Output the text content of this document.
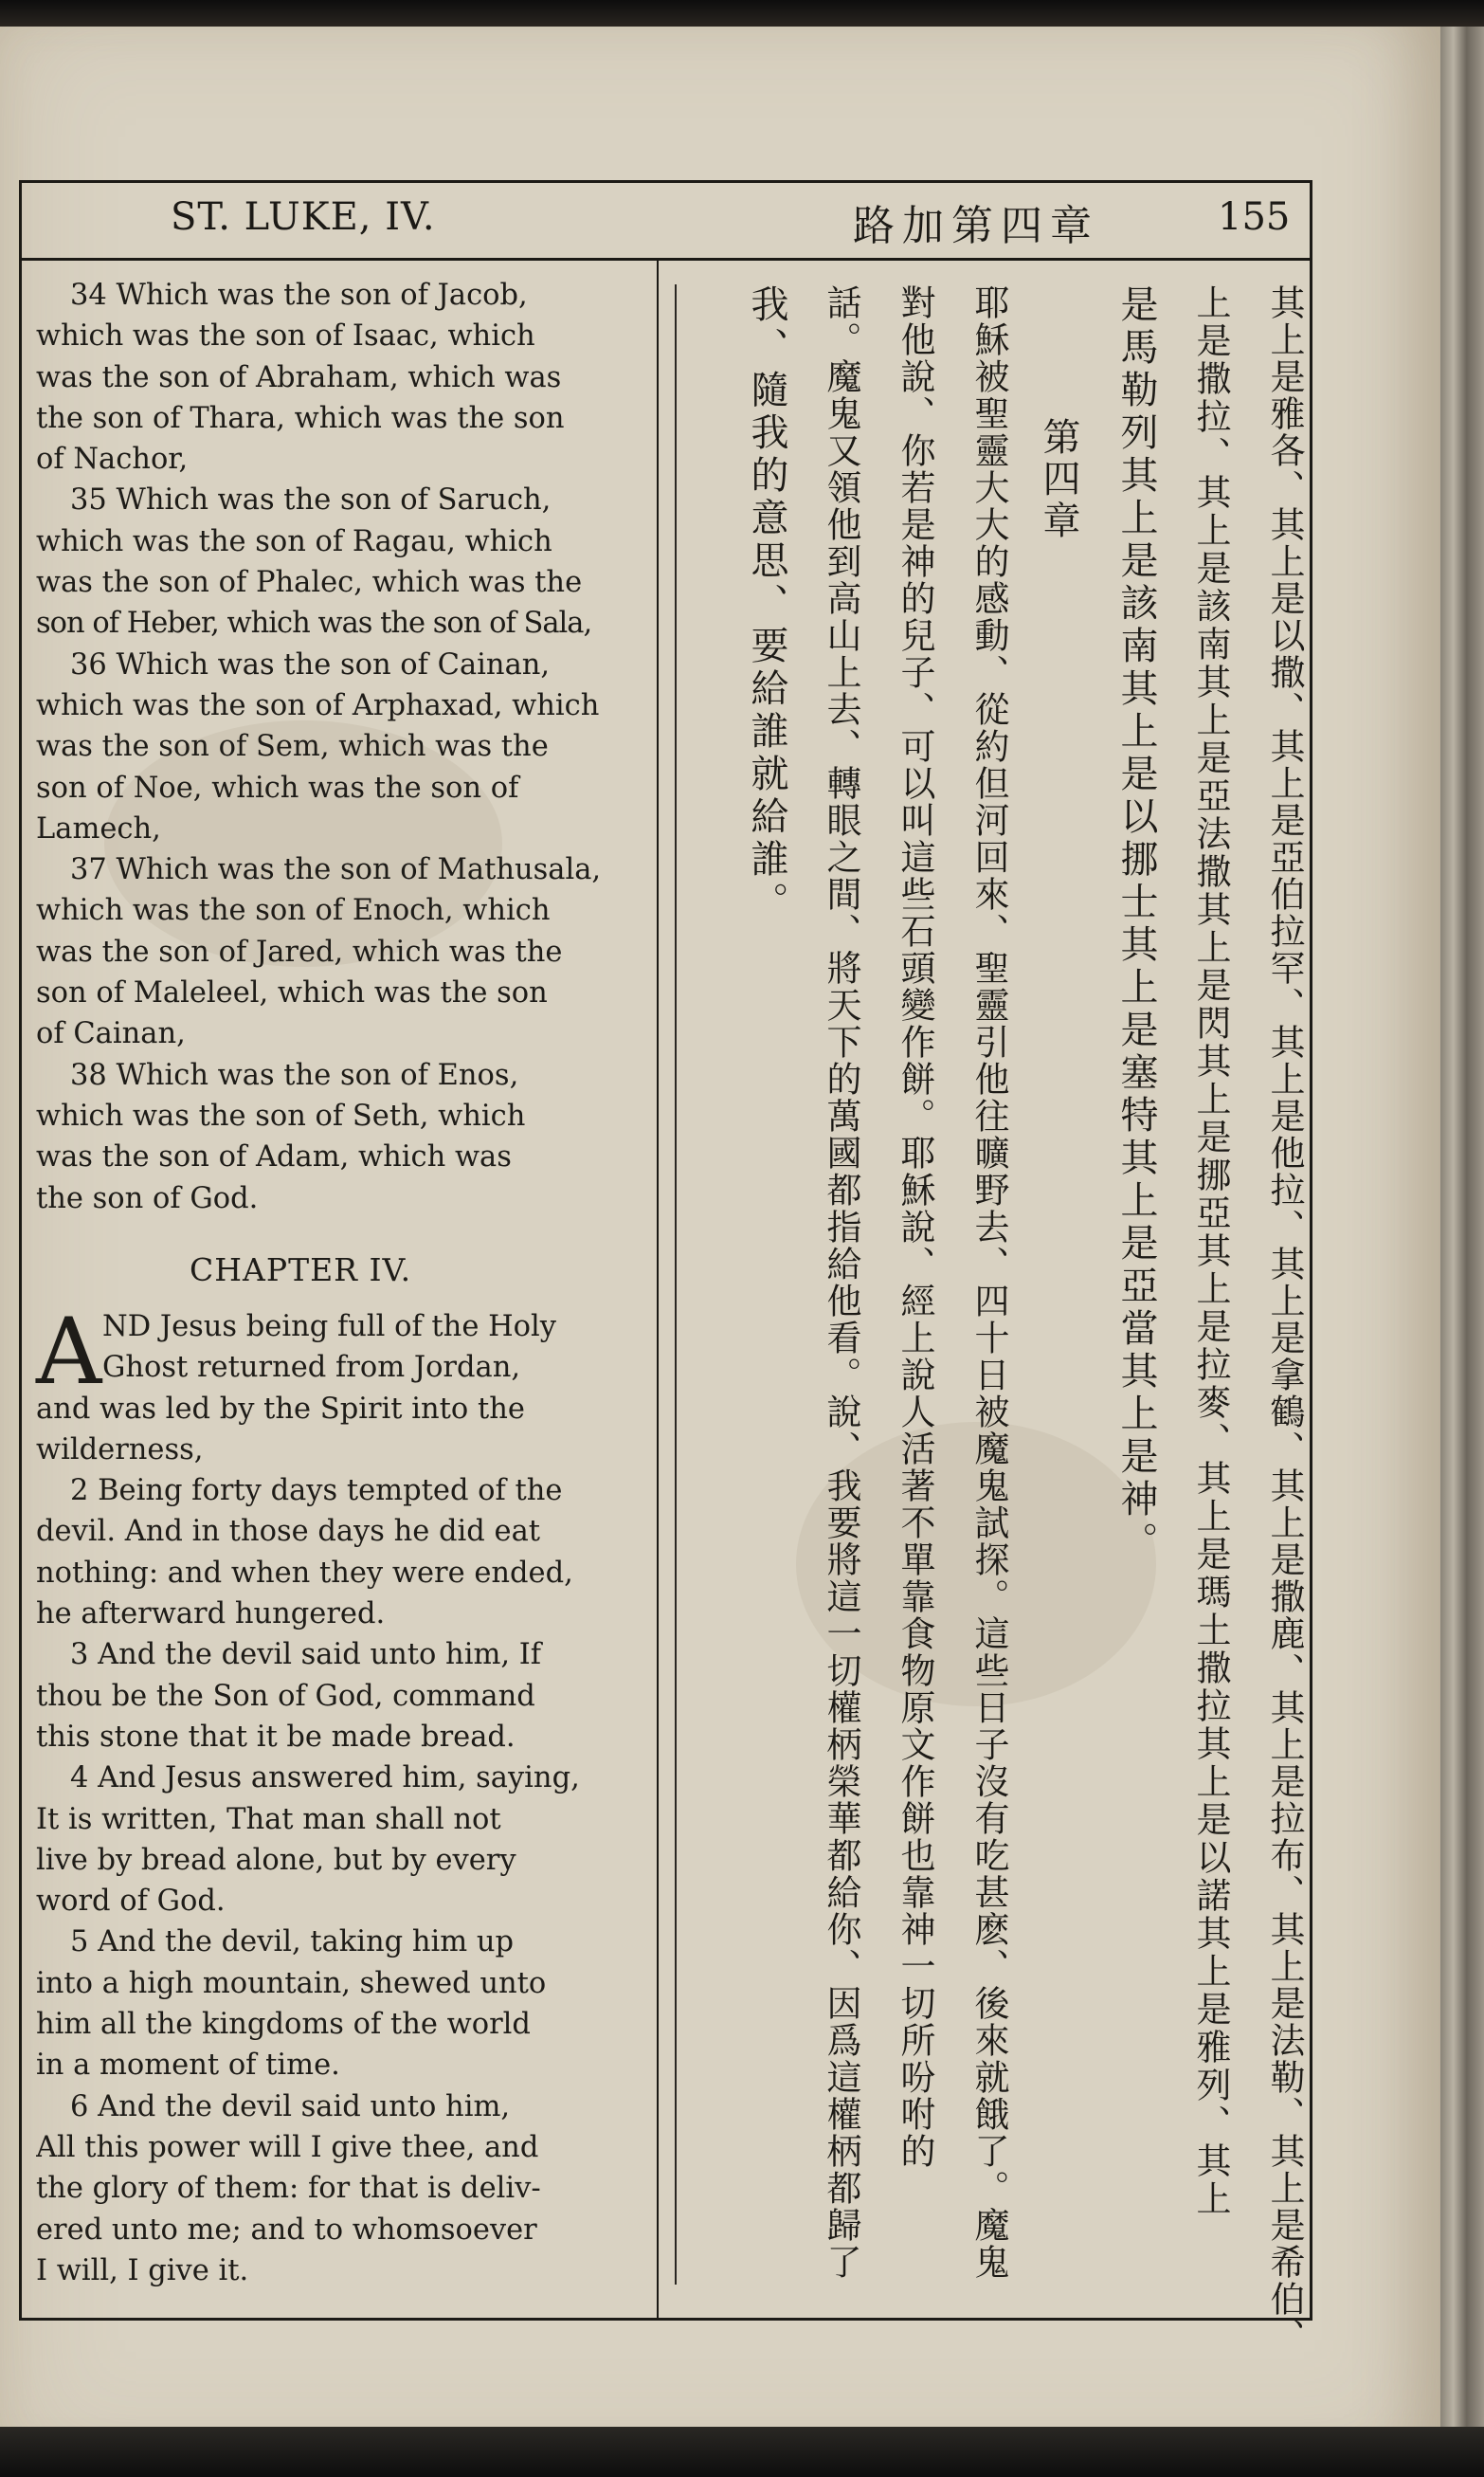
ST. LUKE, IV.	路加第四章	155
34 Which was the son of Jacob,
which was the son of Isaac, which
was the son of Abraham, which was
the son of Thara, which was the son
of Nachor,
35 Which was the son of Saruch,
which was the son of Ragau, which
was the son of Phalec, which was the
son of Heber, which was the son of Sala,
36 Which was the son of Cainan,
which was the son of Arphaxad, which
was the son of Sem, which was the
son of Noe, which was the son of
Lamech,
37 Which was the son of Mathusala,
which was the son of Enoch, which
was the son of Jared, which was the
son of Maleleel, which was the son
of Cainan,
38 Which was the son of Enos,
which was the son of Seth, which
was the son of Adam, which was
the son of God.
CHAPTER IV.
A ND Jesus being full of the Holy
Ghost returned from Jordan,
and was led by the Spirit into the
wilderness,
2 Being forty days tempted of the
devil. And in those days he did eat
nothing: and when they were ended,
he afterward hungered.
3 And the devil said unto him, If
thou be the Son of God, command
this stone that it be made bread.
4 And Jesus answered him, saying,
It is written, That man shall not
live by bread alone, but by every
word of God.
5 And the devil, taking him up
into a high mountain, shewed unto
him all the kingdoms of the world
in a moment of time.
6 And the devil said unto him,
All this power will I give thee, and
the glory of them: for that is deliv-
ered unto me; and to whomsoever
I will, I give it.	其上是雅各、其上是以撒、其上是亞伯拉罕、其上是他拉、其上是拿鶴、其上是撒鹿、其上是拉布、其上是法勒、其上是希伯、
上是撒拉、其上是該南其上是亞法撒其上是閃其上是挪亞其上是拉麥、其上是瑪土撒拉其上是以諾其上是雅列、其上
是馬勒列其上是該南其上是以挪士其上是塞特其上是亞當其上是神。
第四章
耶穌被聖靈大大的感動、從約但河回來、聖靈引他往曠野去、四十日被魔鬼試探。這些日子沒有吃甚麽、後來就餓了。魔鬼
對他說、你若是神的兒子、可以叫這些石頭變作餅。耶穌說、經上說人活著不單靠食物原文作餅也靠神一切所吩咐的
話。魔鬼又領他到高山上去、轉眼之間、將天下的萬國都指給他看。說、我要將這一切權柄榮華都給你、因爲這權柄都歸了
我、隨我的意思、要給誰就給誰。
